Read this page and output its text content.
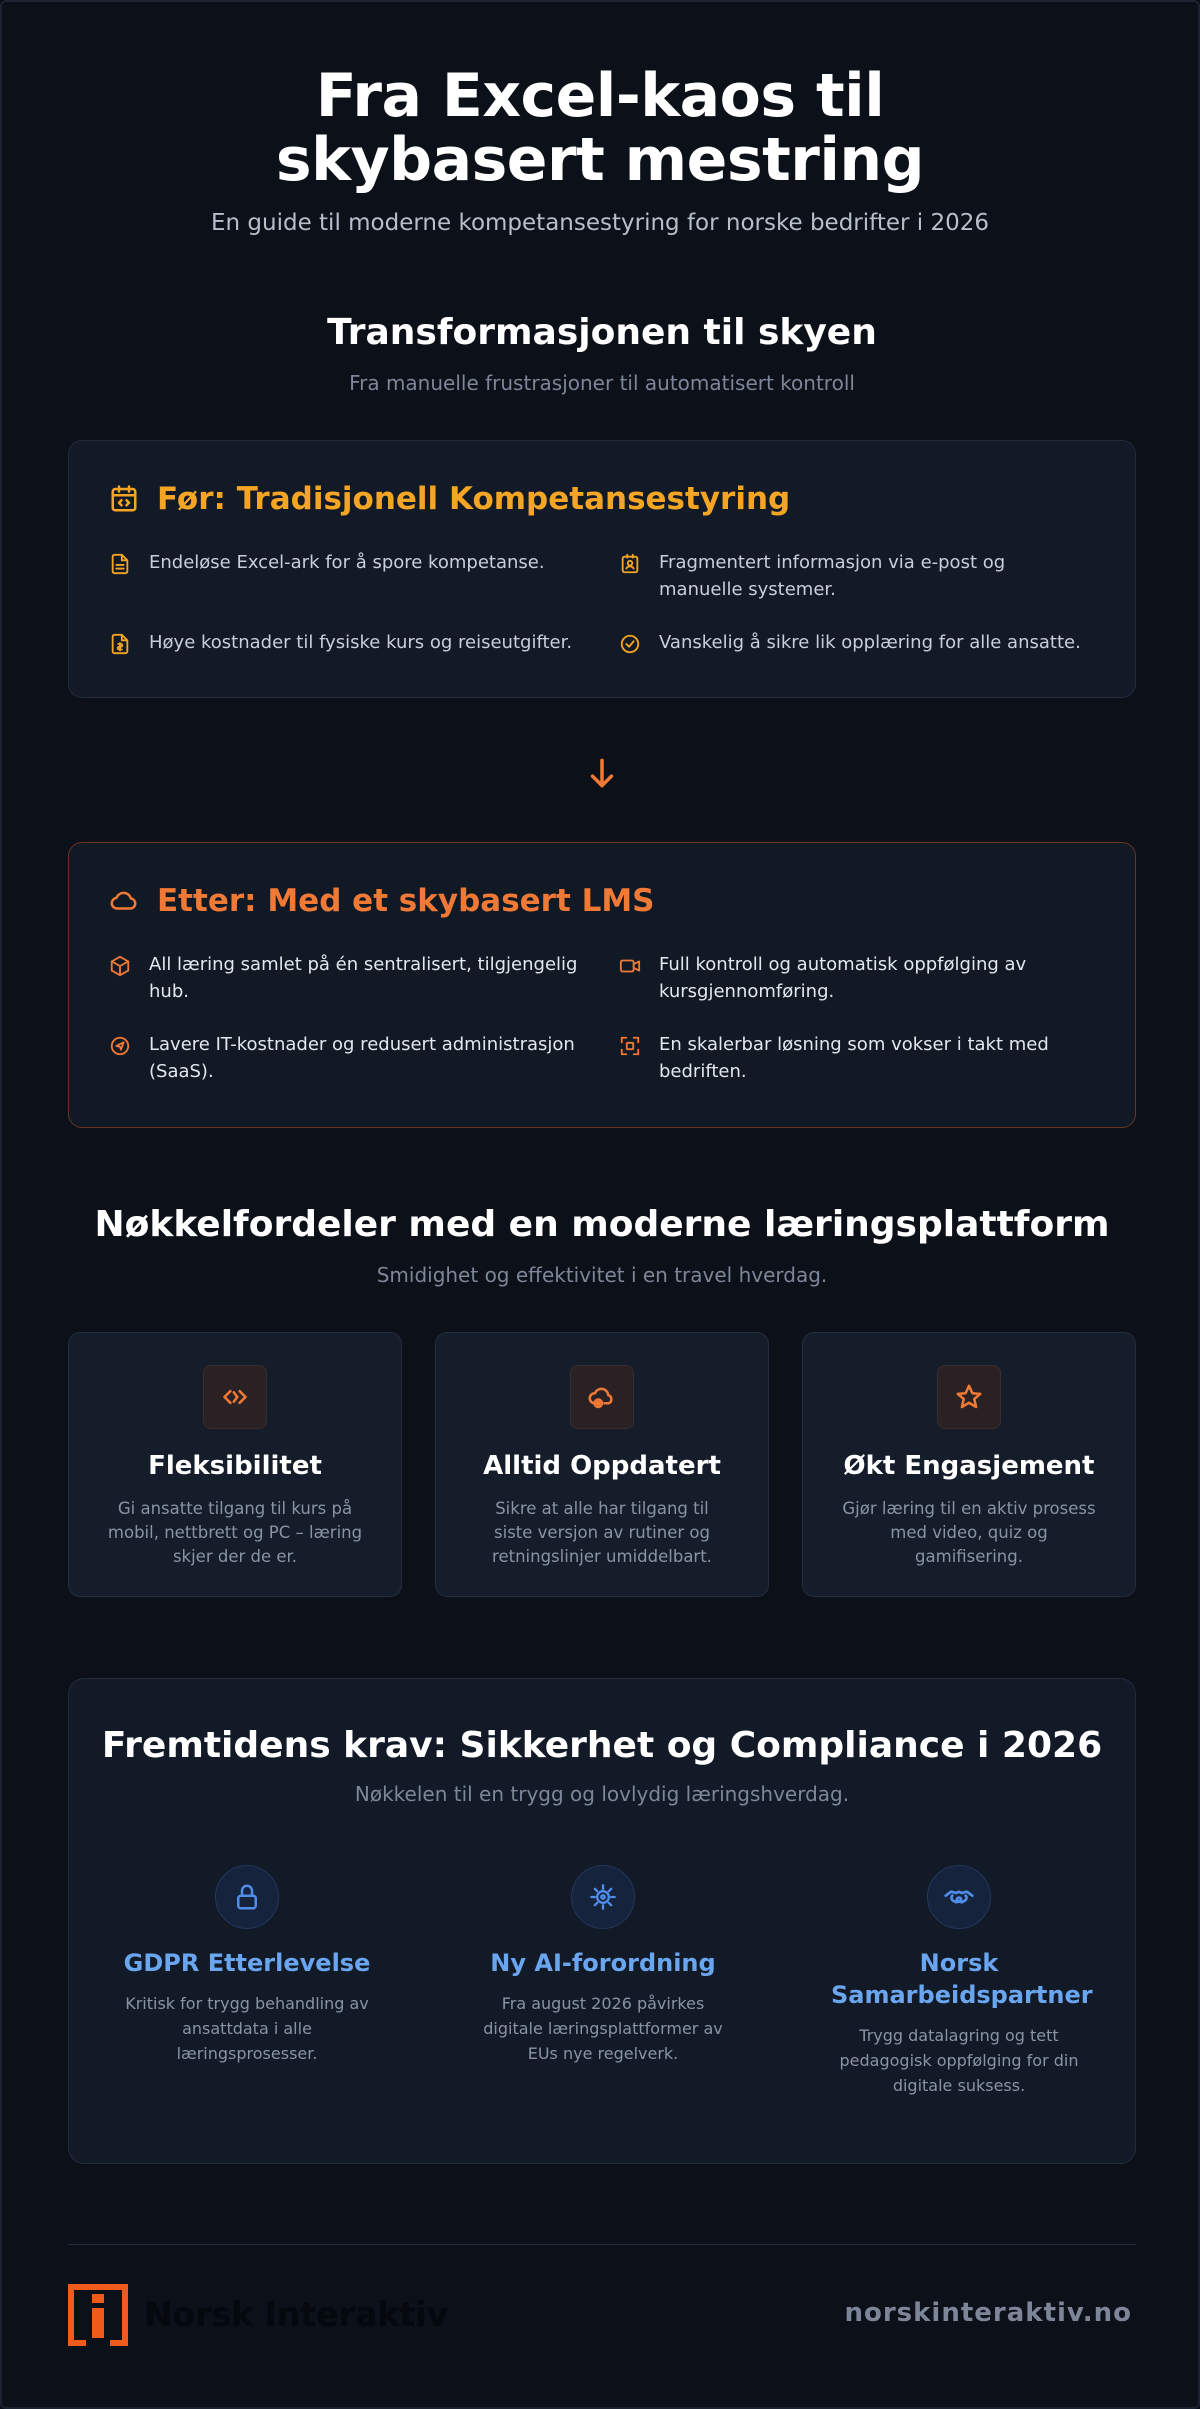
Fra Excel-kaos til skybasert mestring

En guide til moderne kompetansestyring for norske bedrifter i 2026

Transformasjonen til skyen

Fra manuelle frustrasjoner til automatisert kontroll

Før: Tradisjonell Kompetansestyring
Endeløse Excel-ark for å spore kompetanse.	Fragmentert informasjon via e-post og manuelle systemer.
Høye kostnader til fysiske kurs og reiseutgifter.	Vanskelig å sikre lik opplæring for alle ansatte.
Etter: Med et skybasert LMS
All læring samlet på én sentralisert, tilgjengelig hub.
Full kontroll og automatisk oppfølging av kursgjennomføring.
Lavere IT-kostnader og redusert administrasjon (SaaS).
En skalerbar løsning som vokser i takt med bedriften.
Nøkkelfordeler med en moderne læringsplattform

Smidighet og effektivitet i en travel hverdag.

Fleksibilitet

Gi ansatte tilgang til kurs på mobil, nettbrett og PC – læring skjer der de er.

Alltid Oppdatert

Sikre at alle har tilgang til siste versjon av rutiner og retningslinjer umiddelbart.

Økt Engasjement

Gjør læring til en aktiv prosess med video, quiz og gamifisering.

Fremtidens krav: Sikkerhet og Compliance i 2026

Nøkkelen til en trygg og lovlydig læringshverdag.

GDPR Etterlevelse

Kritisk for trygg behandling av ansattdata i alle læringsprosesser.

Ny AI-forordning

Fra august 2026 påvirkes digitale læringsplattformer av EUs nye regelverk.

Norsk Samarbeidspartner

Trygg datalagring og tett pedagogisk oppfølging for din digitale suksess.

Norsk Interaktiv	norskinteraktiv.no
